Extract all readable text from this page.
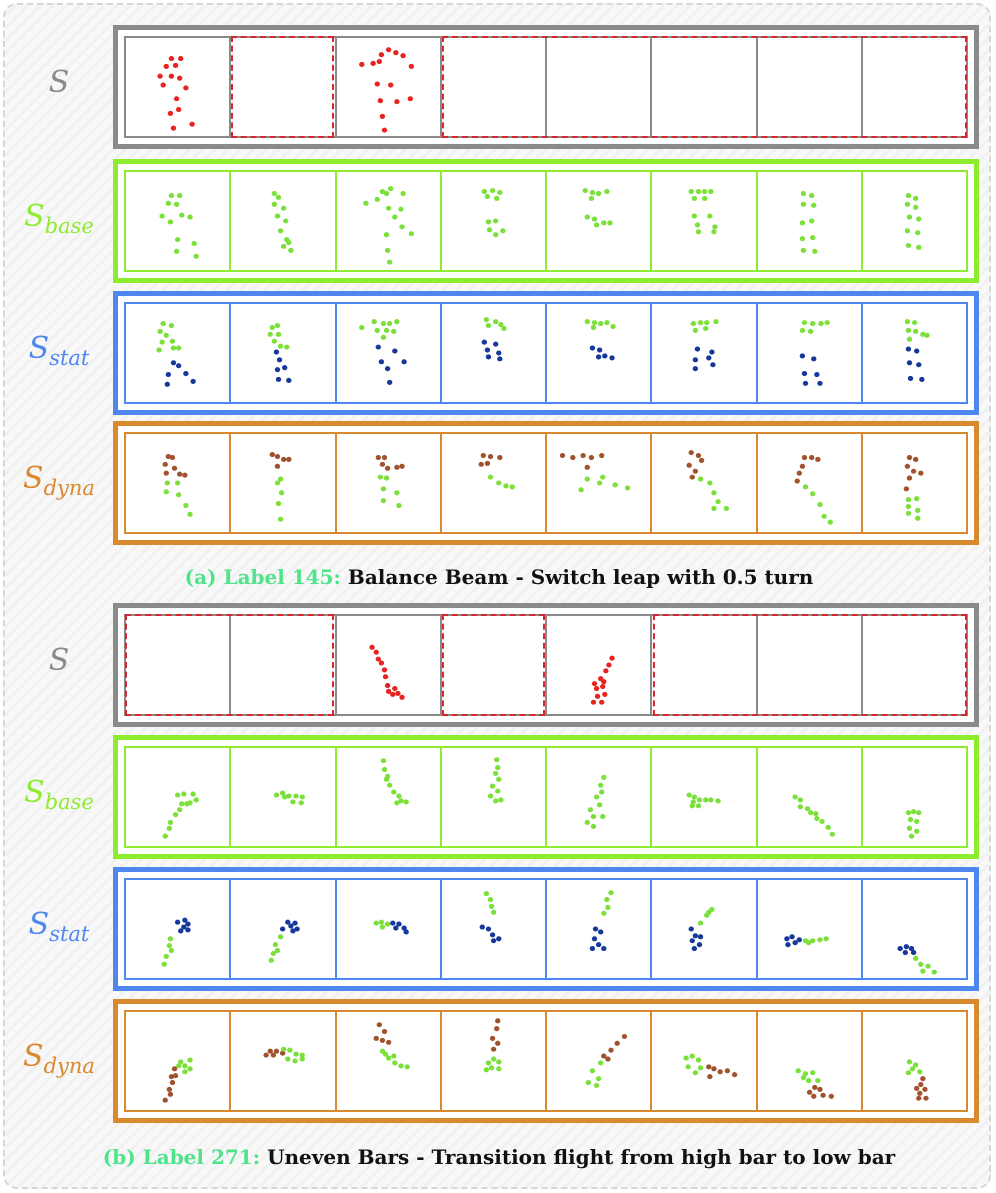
S
$S_{base}$
$S_{stat}$
$S_{dyna}$
(a) Label 145: Balance Beam - Switch leap with 0.5 turn
S
$S_{base}$
$S_{stat}$
$S_{dyna}$
(b) Label 271: Uneven Bars - Transition flight from high bar to low bar
